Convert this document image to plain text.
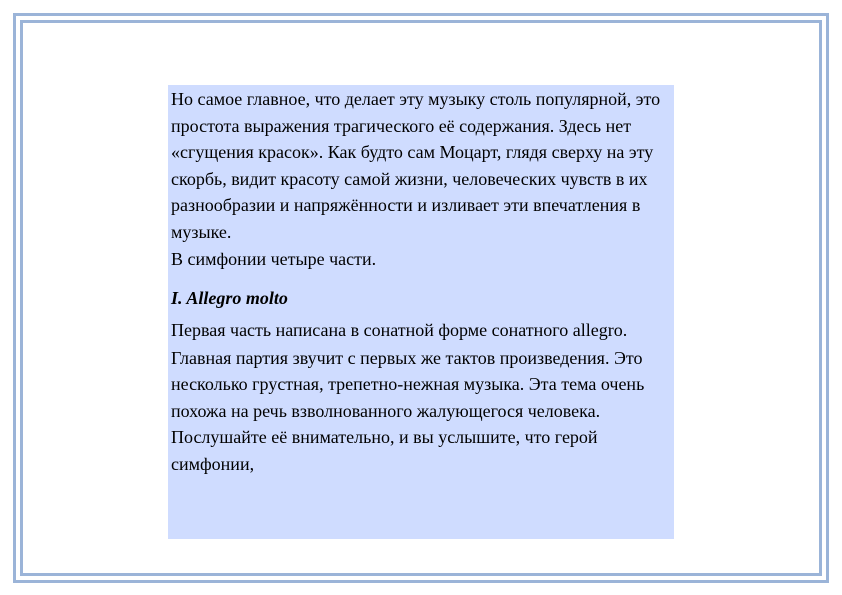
Но самое главное, что делает эту музыку столь популярной, это простота выражения трагического её содержания. Здесь нет «сгущения красок». Как будто сам Моцарт, глядя сверху на эту скорбь, видит красоту самой жизни, человеческих чувств в их разнообразии и напряжённости и изливает эти впечатления в музыке.

В симфонии четыре части.

I. Allegro molto

Первая часть написана в сонатной форме сонатного allegro.

Главная партия звучит с первых же тактов произведения. Это несколько грустная, трепетно-нежная музыка. Эта тема очень похожа на речь взволнованного жалующегося человека. Послушайте её внимательно, и вы услышите, что герой симфонии,
